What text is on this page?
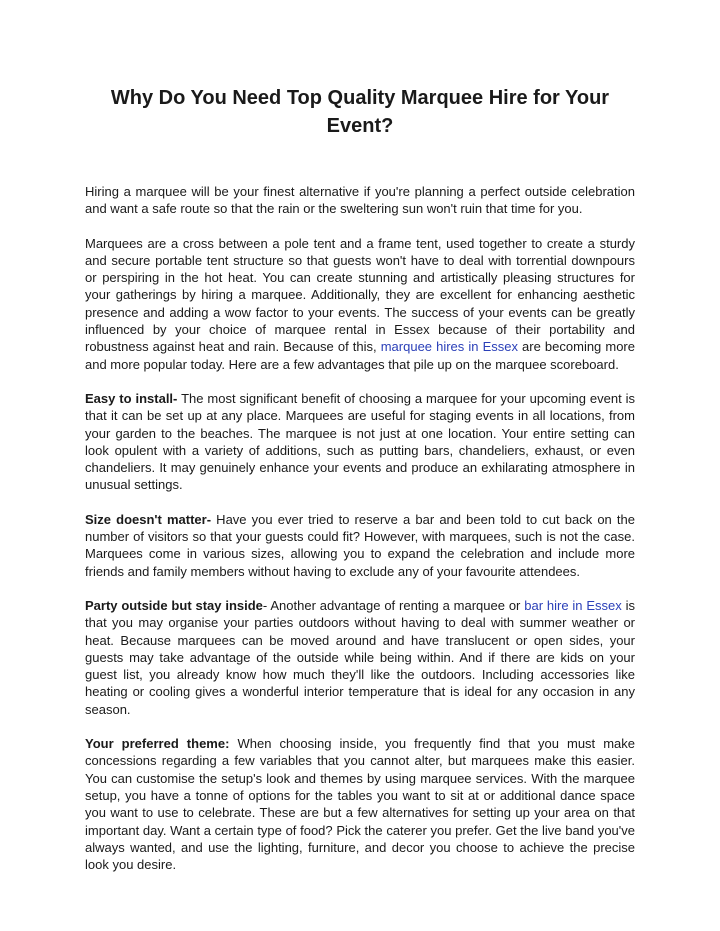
Why Do You Need Top Quality Marquee Hire for Your Event?

Hiring a marquee will be your finest alternative if you're planning a perfect outside celebration and want a safe route so that the rain or the sweltering sun won't ruin that time for you.

Marquees are a cross between a pole tent and a frame tent, used together to create a sturdy and secure portable tent structure so that guests won't have to deal with torrential downpours or perspiring in the hot heat. You can create stunning and artistically pleasing structures for your gatherings by hiring a marquee. Additionally, they are excellent for enhancing aesthetic presence and adding a wow factor to your events. The success of your events can be greatly influenced by your choice of marquee rental in Essex because of their portability and robustness against heat and rain. Because of this, marquee hires in Essex are becoming more and more popular today. Here are a few advantages that pile up on the marquee scoreboard.

Easy to install- The most significant benefit of choosing a marquee for your upcoming event is that it can be set up at any place. Marquees are useful for staging events in all locations, from your garden to the beaches. The marquee is not just at one location. Your entire setting can look opulent with a variety of additions, such as putting bars, chandeliers, exhaust, or even chandeliers. It may genuinely enhance your events and produce an exhilarating atmosphere in unusual settings.

Size doesn't matter- Have you ever tried to reserve a bar and been told to cut back on the number of visitors so that your guests could fit? However, with marquees, such is not the case. Marquees come in various sizes, allowing you to expand the celebration and include more friends and family members without having to exclude any of your favourite attendees.

Party outside but stay inside- Another advantage of renting a marquee or bar hire in Essex is that you may organise your parties outdoors without having to deal with summer weather or heat. Because marquees can be moved around and have translucent or open sides, your guests may take advantage of the outside while being within. And if there are kids on your guest list, you already know how much they'll like the outdoors. Including accessories like heating or cooling gives a wonderful interior temperature that is ideal for any occasion in any season.

Your preferred theme: When choosing inside, you frequently find that you must make concessions regarding a few variables that you cannot alter, but marquees make this easier. You can customise the setup's look and themes by using marquee services. With the marquee setup, you have a tonne of options for the tables you want to sit at or additional dance space you want to use to celebrate. These are but a few alternatives for setting up your area on that important day. Want a certain type of food? Pick the caterer you prefer. Get the live band you've always wanted, and use the lighting, furniture, and decor you choose to achieve the precise look you desire.
